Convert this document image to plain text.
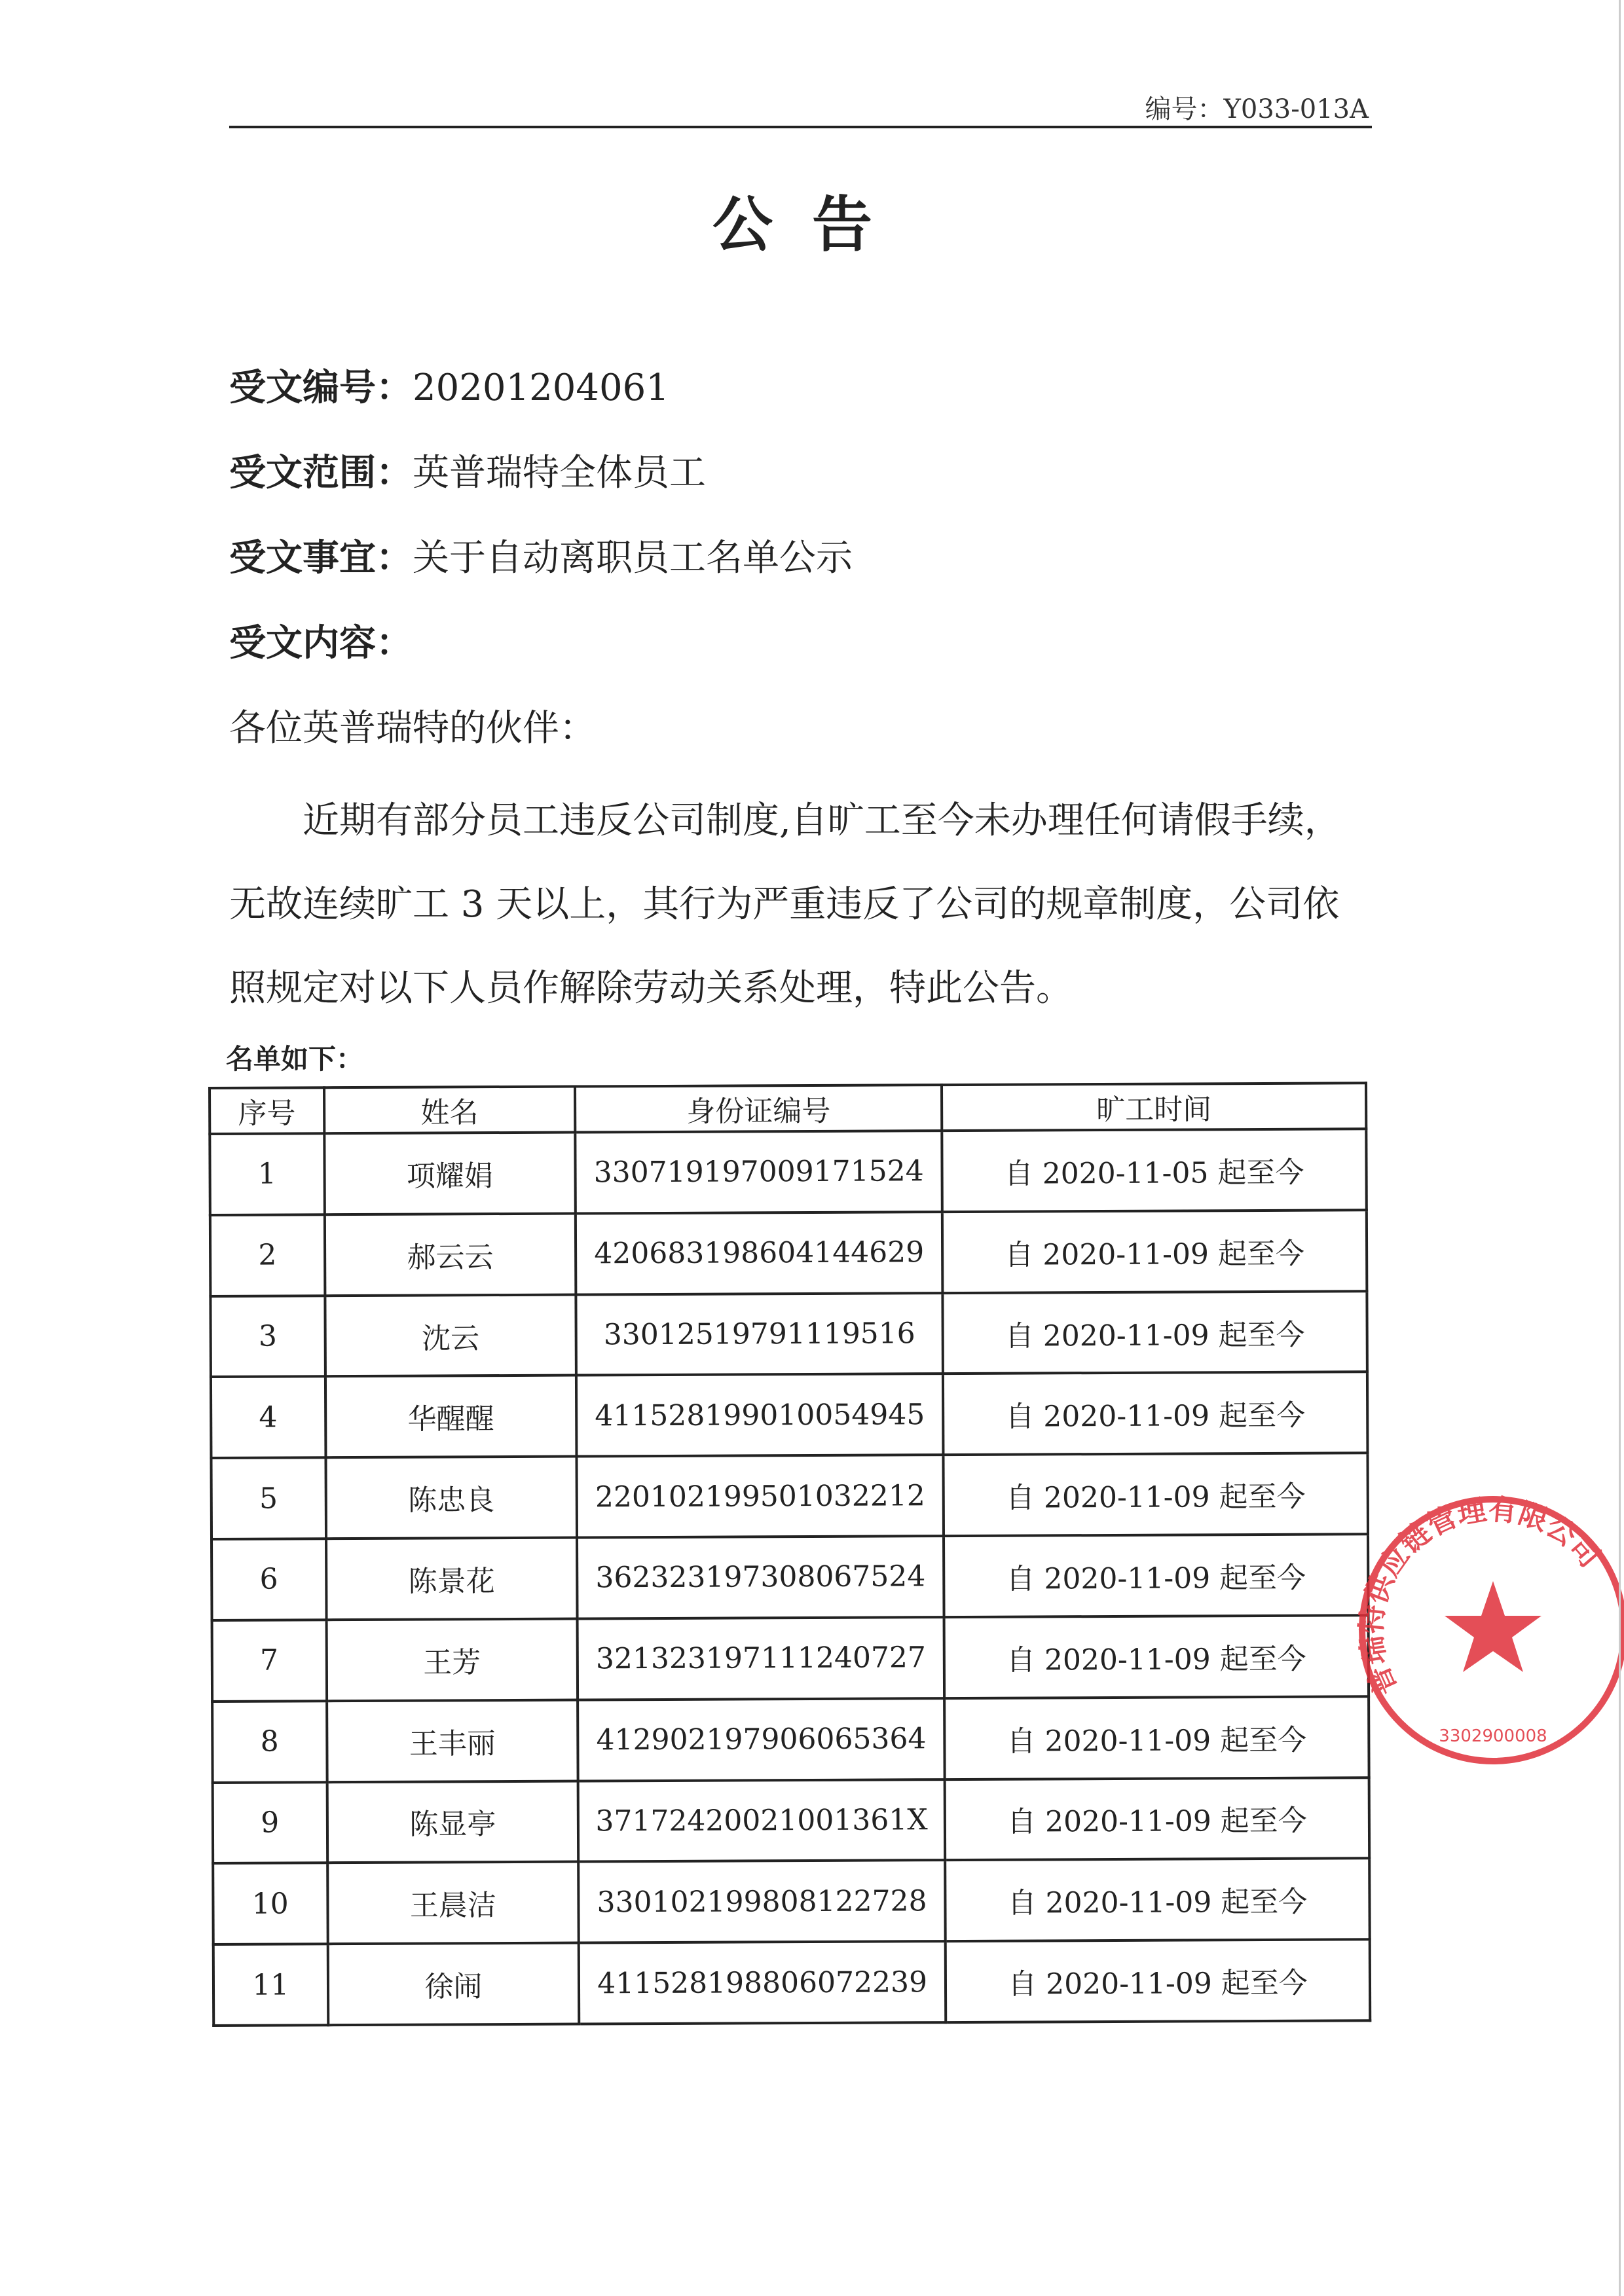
编号：Y033-013A
公告
受文编号：20201204061
受文范围：英普瑞特全体员工
受文事宜：关于自动离职员工名单公示
受文内容：
各位英普瑞特的伙伴：
近期有部分员工违反公司制度,自旷工至今未办理任何请假手续，无故连续旷工 3 天以上，其行为严重违反了公司的规章制度，公司依照规定对以下人员作解除劳动关系处理，特此公告。
名单如下：
序号	姓名	身份证编号	旷工时间
1	项耀娟	330719197009171524	自 2020-11-05 起至今
2	郝云云	420683198604144629	自 2020-11-09 起至今
3	沈云	33012519791119516	自 2020-11-09 起至今
4	华醒醒	411528199010054945	自 2020-11-09 起至今
5	陈忠良	220102199501032212	自 2020-11-09 起至今
6	陈景花	362323197308067524	自 2020-11-09 起至今
7	王芳	321323197111240727	自 2020-11-09 起至今
8	王丰丽	412902197906065364	自 2020-11-09 起至今
9	陈显亭	37172420021001361X	自 2020-11-09 起至今
10	王晨洁	330102199808122728	自 2020-11-09 起至今
11	徐闹	411528198806072239	自 2020-11-09 起至今
普瑞特供应链管理有限公司
3302900008
